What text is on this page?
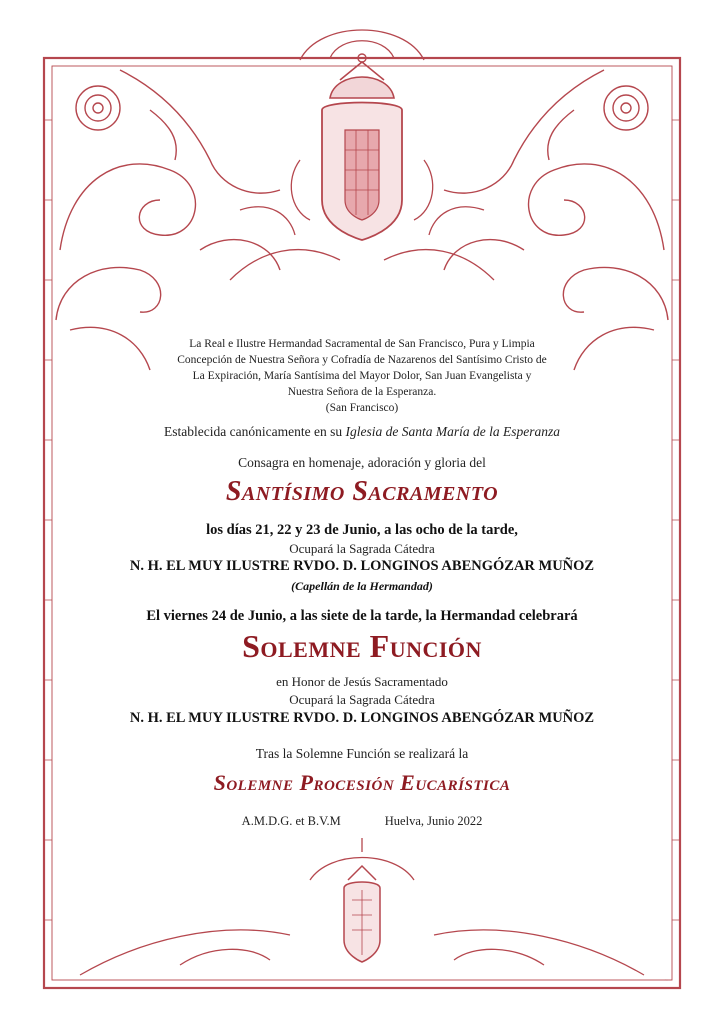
~
La Real e Ilustre Hermandad Sacramental de San Francisco, Pura y Limpia
Concepción de Nuestra Señora y Cofradía de Nazarenos del Santísimo Cristo de
La Expiración, María Santísima del Mayor Dolor, San Juan Evangelista y
Nuestra Señora de la Esperanza.
(San Francisco)
Establecida canónicamente en su Iglesia de Santa María de la Esperanza
Consagra en homenaje, adoración y gloria del
Santísimo Sacramento
los días 21, 22 y 23 de Junio, a las ocho de la tarde,
Ocupará la Sagrada Cátedra
N. H. EL MUY ILUSTRE RVDO. D. LONGINOS ABENGÓZAR MUÑOZ
(Capellán de la Hermandad)
El viernes 24 de Junio, a las siete de la tarde, la Hermandad celebrará
Solemne Función
en Honor de Jesús Sacramentado
Ocupará la Sagrada Cátedra
N. H. EL MUY ILUSTRE RVDO. D. LONGINOS ABENGÓZAR MUÑOZ
Tras la Solemne Función se realizará la
Solemne Procesión Eucarística
A.M.D.G. et B.V.M	Huelva, Junio 2022
